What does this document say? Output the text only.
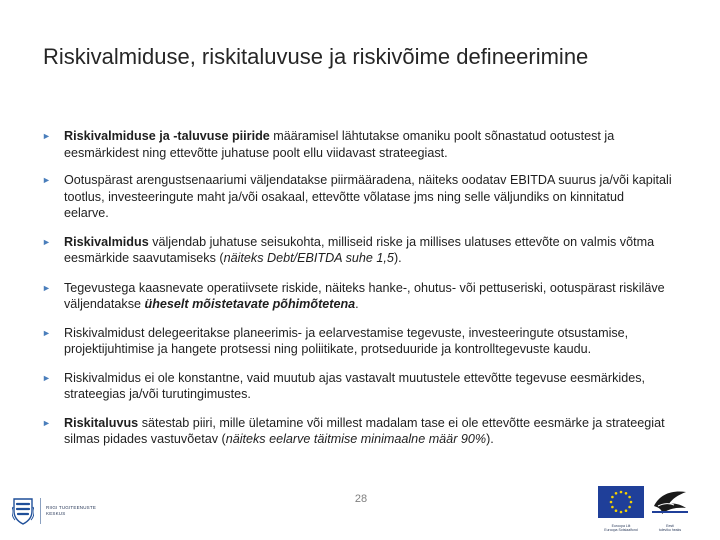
Riskivalmiduse, riskitaluvuse ja riskivõime defineerimine
► Riskivalmiduse ja -taluvuse piiride määramisel lähtutakse omaniku poolt sõnastatud ootustest ja eesmärkidest ning ettevõtte juhatuse poolt ellu viidavast strateegiast.
► Ootuspärast arengustsenaariumi väljendatakse piirmääradena, näiteks oodatav EBITDA suurus ja/või kapitali tootlus, investeeringute maht ja/või osakaal, ettevõtte võlatase jms ning selle väljundiks on kinnitatud eelarve.
► Riskivalmidus väljendab juhatuse seisukohta, milliseid riske ja millises ulatuses ettevõte on valmis võtma eesmärkide saavutamiseks (näiteks Debt/EBITDA suhe 1,5).
► Tegevustega kaasnevate operatiivsete riskide, näiteks hanke-, ohutus- või pettuseriski, ootuspärast riskiläve väljendatakse üheselt mõistetavate põhimõtetena.
► Riskivalmidust delegeeritakse planeerimis- ja eelarvestamise tegevuste, investeeringute otsustamise, projektijuhtimise ja hangete protsessi ning poliitikate, protseduuride ja kontrolltegevuste kaudu.
► Riskivalmidus ei ole konstantne, vaid muutub ajas vastavalt muutustele ettevõtte tegevuse eesmärkides, strateegias ja/või turutingimustes.
► Riskitaluvus sätestab piiri, mille ületamine või millest madalam tase ei ole ettevõtte eesmärke ja strateegiat silmas pidades vastuvõetav (näiteks eelarve täitmise minimaalne määr 90%).
28
RIIGI TUGITEENUSTE
KESKUS
Euroopa Liit
Euroopa Sotsiaalfond
Eesti
tuleviku heaks
